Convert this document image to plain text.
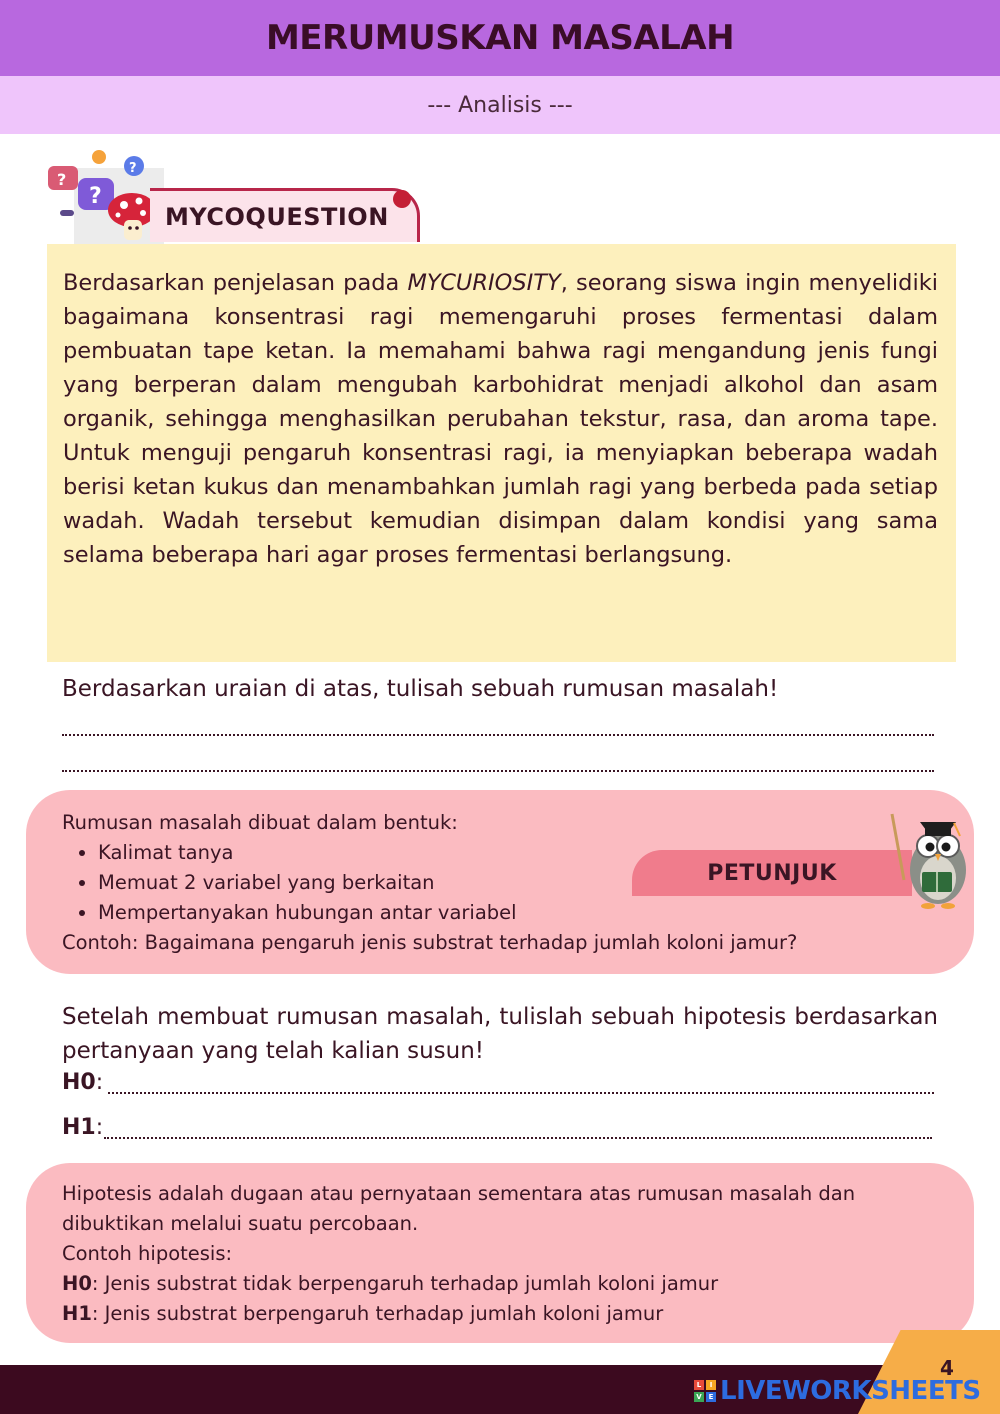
MERUMUSKAN MASALAH
--- Analisis ---
?
?
?
MYCOQUESTION
Berdasarkan penjelasan pada MYCURIOSITY, seorang siswa ingin menyelidiki bagaimana konsentrasi ragi memengaruhi proses fermentasi dalam pembuatan tape ketan. Ia memahami bahwa ragi mengandung jenis fungi yang berperan dalam mengubah karbohidrat menjadi alkohol dan asam organik, sehingga menghasilkan perubahan tekstur, rasa, dan aroma tape. Untuk menguji pengaruh konsentrasi ragi, ia menyiapkan beberapa wadah berisi ketan kukus dan menambahkan jumlah ragi yang berbeda pada setiap wadah. Wadah tersebut kemudian disimpan dalam kondisi yang sama selama beberapa hari agar proses fermentasi berlangsung.
Berdasarkan uraian di atas, tulisah sebuah rumusan masalah!
Rumusan masalah dibuat dalam bentuk:
• Kalimat tanya
• Memuat 2 variabel yang berkaitan
• Mempertanyakan hubungan antar variabel
Contoh: Bagaimana pengaruh jenis substrat terhadap jumlah koloni jamur?
PETUNJUK
Setelah membuat rumusan masalah, tulislah sebuah hipotesis berdasarkan pertanyaan yang telah kalian susun!
H0:
H1:
Hipotesis adalah dugaan atau pernyataan sementara atas rumusan masalah dan dibuktikan melalui suatu percobaan.
Contoh hipotesis:
H0: Jenis substrat tidak berpengaruh terhadap jumlah koloni jamur
H1: Jenis substrat berpengaruh terhadap jumlah koloni jamur
4
L	I
V E LIVEWORKSHEETS
